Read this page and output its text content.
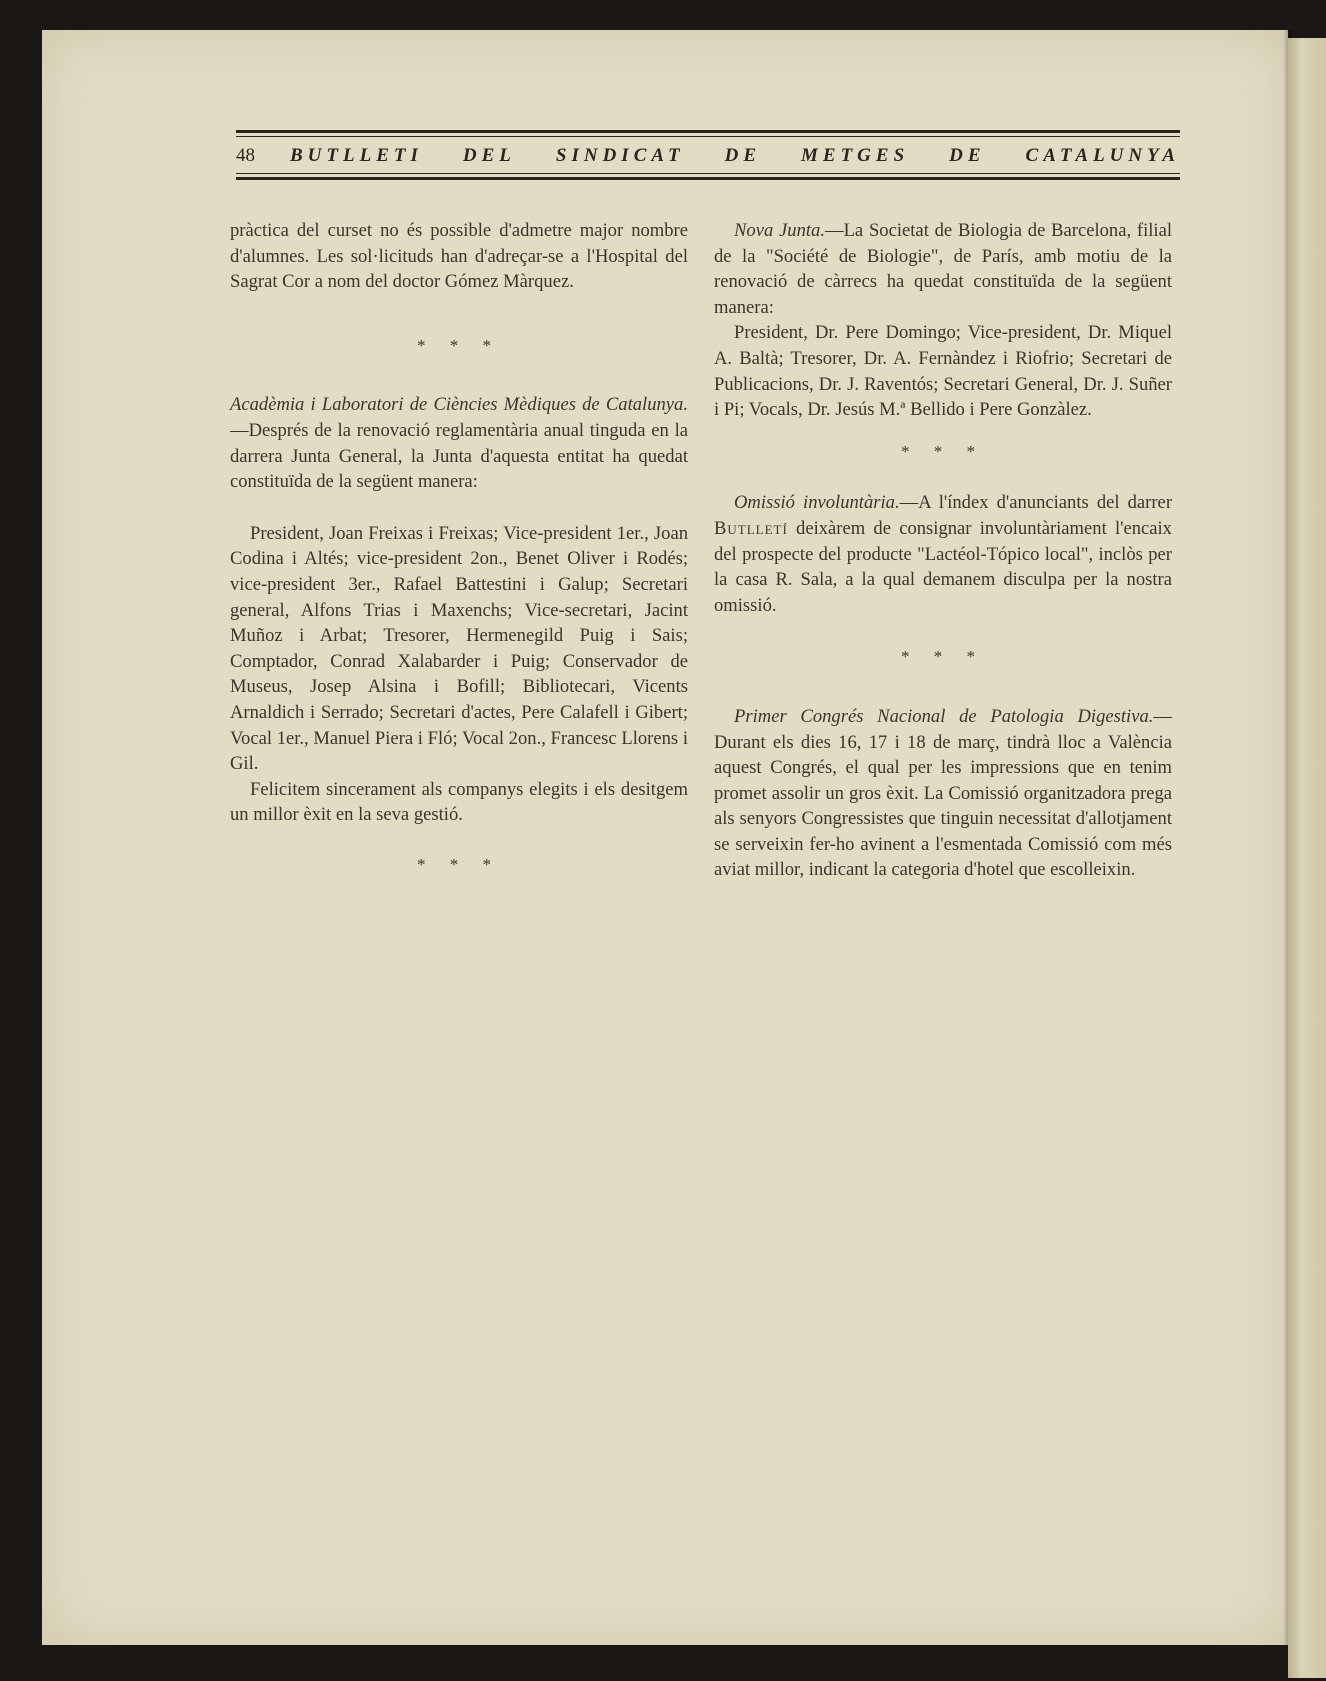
48	BUTLLETI DEL SINDICAT DE METGES DE CATALUNYA

pràctica del curset no és possible d'admetre major nombre d'alumnes. Les sol·licituds han d'adreçar-se a l'Hospital del Sagrat Cor a nom del doctor Gómez Màrquez.

* * *

Acadèmia i Laboratori de Ciències Mèdiques de Catalunya.—Després de la renovació reglamentària anual tinguda en la darrera Junta General, la Junta d'aquesta entitat ha quedat constituïda de la següent manera:

President, Joan Freixas i Freixas; Vice-president 1er., Joan Codina i Altés; vice-president 2on., Benet Oliver i Rodés; vice-president 3er., Rafael Battestini i Galup; Secretari general, Alfons Trias i Maxenchs; Vice-secretari, Jacint Muñoz i Arbat; Tresorer, Hermenegild Puig i Sais; Comptador, Conrad Xalabarder i Puig; Conservador de Museus, Josep Alsina i Bofill; Bibliotecari, Vicents Arnaldich i Serrado; Secretari d'actes, Pere Calafell i Gibert; Vocal 1er., Manuel Piera i Fló; Vocal 2on., Francesc Llorens i Gil.

Felicitem sincerament als companys elegits i els desitgem un millor èxit en la seva gestió.

* * *

Nova Junta.—La Societat de Biologia de Barcelona, filial de la "Société de Biologie", de París, amb motiu de la renovació de càrrecs ha quedat constituïda de la següent manera:

President, Dr. Pere Domingo; Vice-president, Dr. Miquel A. Baltà; Tresorer, Dr. A. Fernàndez i Riofrio; Secretari de Publicacions, Dr. J. Raventós; Secretari General, Dr. J. Suñer i Pi; Vocals, Dr. Jesús M.ª Bellido i Pere Gonzàlez.

* * *

Omissió involuntària.—A l'índex d'anunciants del darrer Butlletí deixàrem de consignar involuntàriament l'encaix del prospecte del producte "Lactéol-Tópico local", inclòs per la casa R. Sala, a la qual demanem disculpa per la nostra omissió.

* * *

Primer Congrés Nacional de Patologia Digestiva.—Durant els dies 16, 17 i 18 de març, tindrà lloc a València aquest Congrés, el qual per les impressions que en tenim promet assolir un gros èxit. La Comissió organitzadora prega als senyors Congressistes que tinguin necessitat d'allotjament se serveixin fer-ho avinent a l'esmentada Comissió com més aviat millor, indicant la categoria d'hotel que escolleixin.
